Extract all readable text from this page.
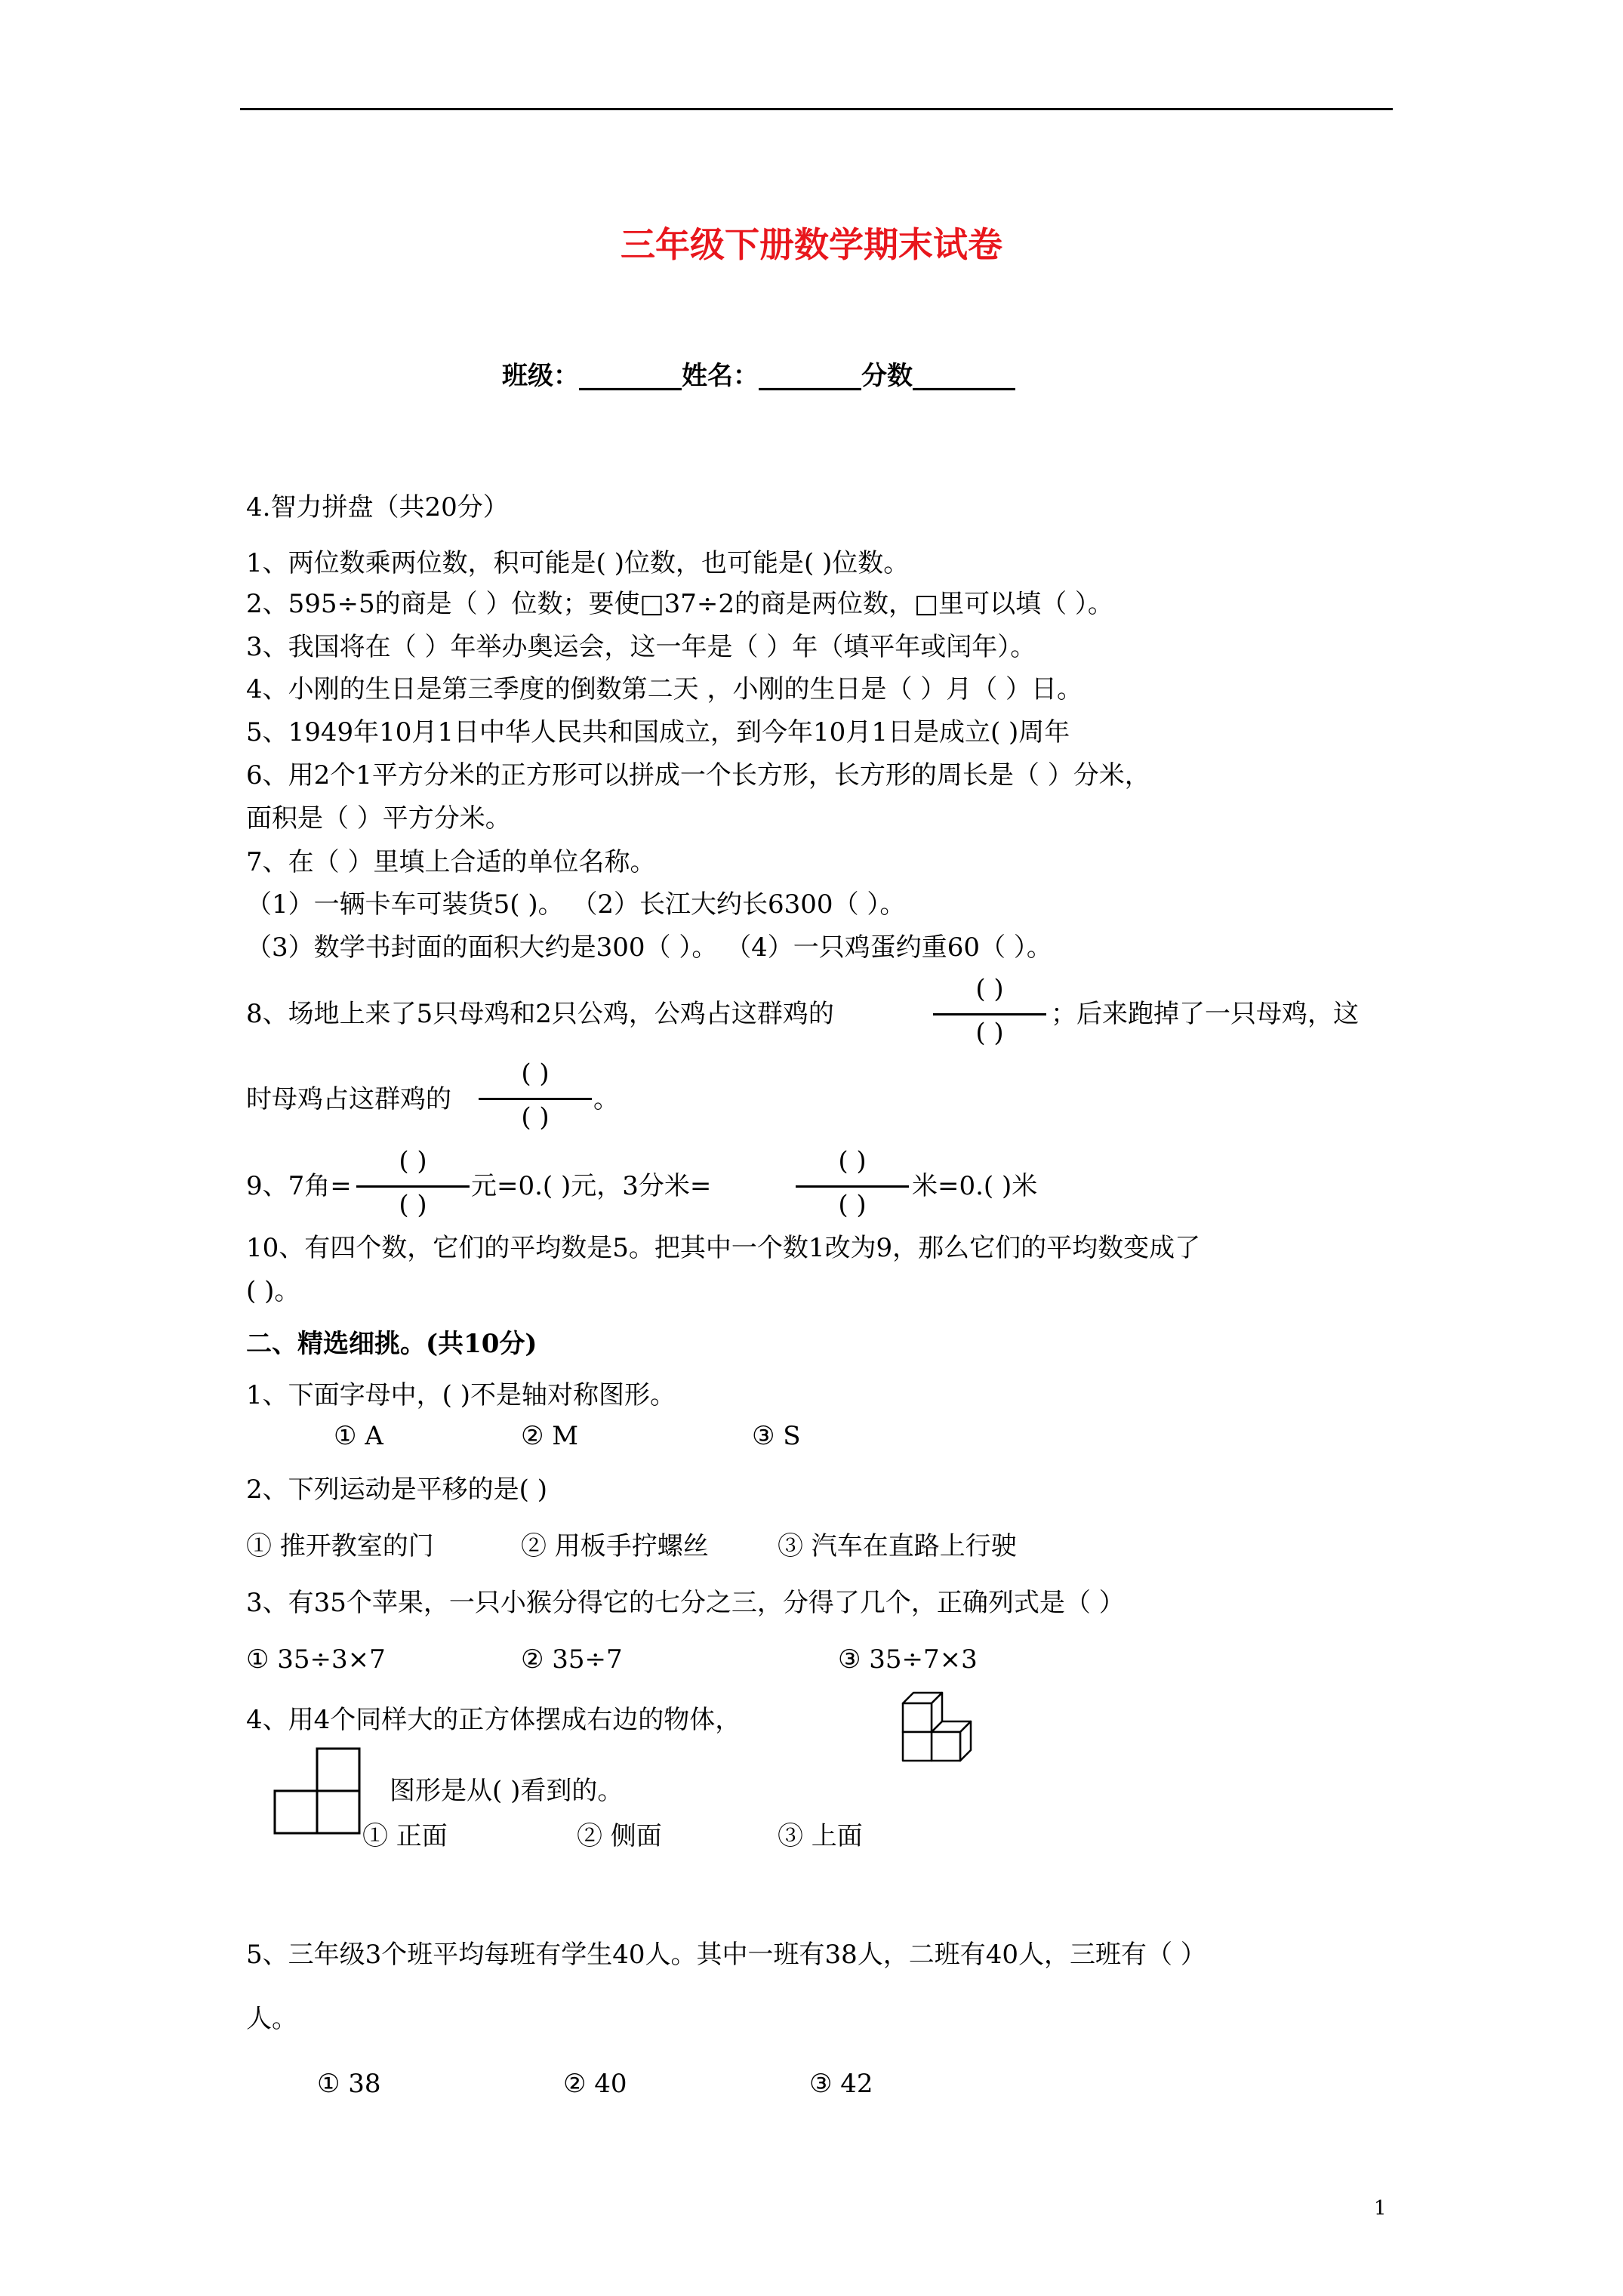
三年级下册数学期末试卷
班级：________姓名：________分数________
4.智力拼盘（共20分）
1、两位数乘两位数，积可能是( )位数，也可能是( )位数。
2、595÷5的商是（ ）位数；要使□37÷2的商是两位数，□里可以填（ ）。
3、我国将在（ ）年举办奥运会，这一年是（ ）年（填平年或闰年）。
4、小刚的生日是第三季度的倒数第二天 ，小刚的生日是（ ）月（ ）日。
5、1949年10月1日中华人民共和国成立，到今年10月1日是成立( )周年
6、用2个1平方分米的正方形可以拼成一个长方形，长方形的周长是（ ）分米，
面积是（ ）平方分米。
7、在（ ）里填上合适的单位名称。
（1）一辆卡车可装货5( )。 （2）长江大约长6300（ ）。
（3）数学书封面的面积大约是300（ ）。 （4）一只鸡蛋约重60（ ）。
8、场地上来了5只母鸡和2只公鸡，公鸡占这群鸡的
( )
( )
；后来跑掉了一只母鸡，这
时母鸡占这群鸡的
( )
( )
。
9、7角=
( )
( )
元=0.( )元，3分米=
( )
( )
米=0.( )米
10、有四个数，它们的平均数是5。把其中一个数1改为9，那么它们的平均数变成了
( )。
二、精选细挑。(共10分)
1、下面字母中，( )不是轴对称图形。
① A	② M	③ S
2、下列运动是平移的是( )
① 推开教室的门	② 用板手拧螺丝	③ 汽车在直路上行驶
3、有35个苹果，一只小猴分得它的七分之三，分得了几个，正确列式是（ ）
① 35÷3×7	② 35÷7	③ 35÷7×3
4、用4个同样大的正方体摆成右边的物体，
图形是从( )看到的。
① 正面	② 侧面	③ 上面
5、三年级3个班平均每班有学生40人。其中一班有38人，二班有40人，三班有（ ）
人。
① 38	② 40	③ 42
1
